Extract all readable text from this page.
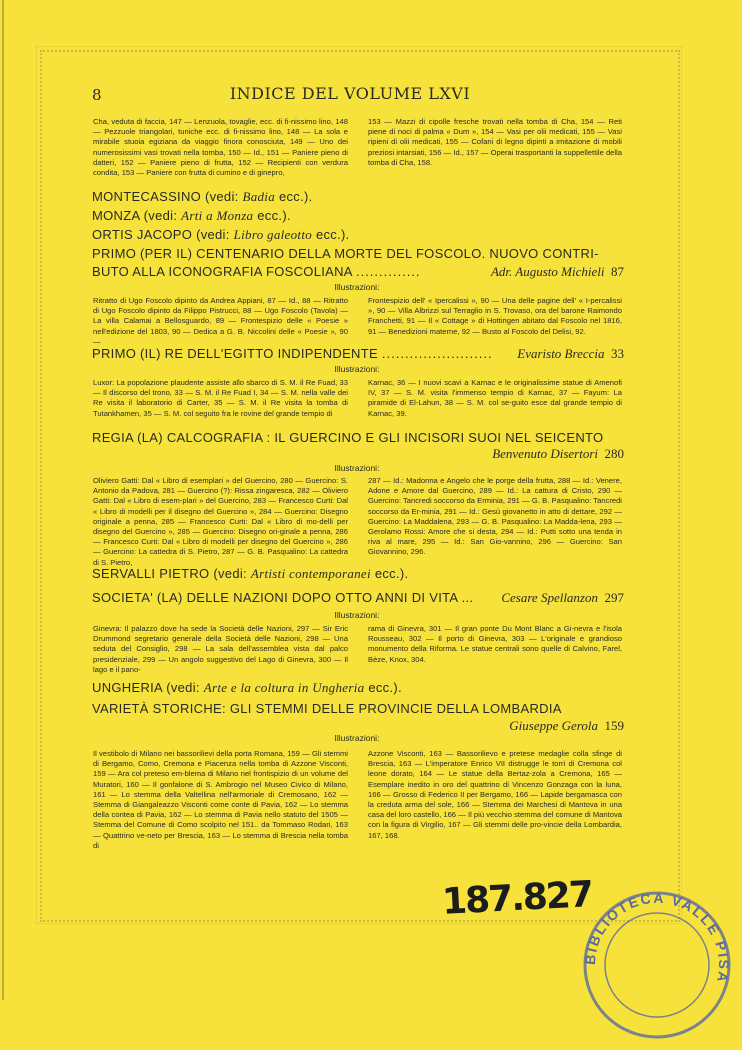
8	INDICE DEL VOLUME LXVI
Cha, veduta di faccia, 147 — Lenzuola, tovaglie, ecc. di fi-nissimo lino, 148 — Pezzuole triangolari, tuniche ecc. di fi-nissimo lino, 148 — La sola e mirabile stuoia egiziana da viaggio finora conosciuta, 149 — Uno dei numerosissimi vasi trovati nella tomba, 150 — Id., 151 — Paniere pieno di datteri, 152 — Paniere pieno di frutta, 152 — Recipienti con verdura condita, 153 — Paniere con frutta di cumino e di ginepro,
153 — Mazzi di cipolle fresche trovati nella tomba di Cha, 154 — Reti piene di noci di palma « Dum », 154 — Vasi per olii medicati, 155 — Vasi ripieni di olii medicati, 155 — Cofani di legno dipinti a imitazione di mobili preziosi intarsiati, 156 — Id., 157 — Operai trasportanti la suppellettile della tomba di Cha, 158.
MONTECASSINO (vedi: Badia ecc.).
MONZA (vedi: Arti a Monza ecc.).
ORTIS JACOPO (vedi: Libro galeotto ecc.).
PRIMO (PER IL) CENTENARIO DELLA MORTE DEL FOSCOLO. NUOVO CONTRI-
BUTO ALLA ICONOGRAFIA FOSCOLIANA ..............	Adr. Augusto Michieli 87
Illustrazioni:
Ritratto di Ugo Foscolo dipinto da Andrea Appiani, 87 — Id., 88 — Ritratto di Ugo Foscolo dipinto da Filippo Pistrucci, 88 — Ugo Foscolo (Tavola) — La villa Calamai a Bellosguardo, 89 — Frontespizio delle « Poesie » nell'edizione del 1803, 90 — Dedica a G. B. Niccolini delle « Poesie », 90 —
Frontespizio dell' « Ipercalissi », 90 — Una delle pagine dell' « I-percalissi », 90 — Villa Albrizzi sul Terraglio in S. Trovaso, ora del barone Raimondo Franchetti, 91 — Il « Cottage » di Hottingen abitato dal Foscolo nel 1816, 91 — Benedizioni materne, 92 — Busto al Foscolo del Delisi, 92.
PRIMO (IL) RE DELL'EGITTO INDIPENDENTE ........................ Evaristo Breccia 33
Illustrazioni:
Luxor: La popolazione plaudente assiste allo sbarco di S. M. il Re Fuad, 33 — Il discorso del trono, 33 — S. M. il Re Fuad I, 34 — S. M. nella valle dei Re visita il laboratorio di Carter, 35 — S. M. il Re visita la tomba di Tutankhamen, 35 — S. M. col seguito fra le rovine del grande tempio di
Karnac, 36 — I nuovi scavi a Karnac e le originalissime statue di Amenofi IV, 37 — S. M. visita l'immenso tempio di Karnac, 37 — Fayum: La piramide di El-Lahun, 38 — S. M. col se-guito esce dal grande tempio di Karnac, 39.
REGIA (LA) CALCOGRAFIA : IL GUERCINO E GLI INCISORI SUOI NEL SEICENTO
Benvenuto Disertori 280
Illustrazioni:
Oliviero Gatti: Dal « Libro di esemplari » del Guercino, 280 — Guercino: S. Antonio da Padova, 281 — Guercino (?): Rissa zingaresca, 282 — Oliviero Gatti: Dal « Libro di esem-plari » del Guercino, 283 — Francesco Curti: Dal « Libro di modelli per il disegno del Guercino », 284 — Guercino: Disegno originale a penna, 285 — Francesco Curti: Dal « Libro di mo-delli per disegno del Guercino », 285 — Guercino: Disegno ori-ginale a penna, 286 — Francesco Curti: Dal « Libro di modelli per disegno del Guercino », 286 — Guercino: La cattedra di S. Pietro, 287 — G. B. Pasqualino: La cattedra di S. Pietro,
287 — Id.: Madonna e Angelo che le porge della frutta, 288 — Id.: Venere, Adone e Amore dal Guercino, 289 — Id.: La cattura di Cristo, 290 — Guercino: Tancredi soccorso da Erminia, 291 — G. B. Pasqualino: Tancredi soccorso da Er-minia, 291 — Id.: Gesù giovanetto in atto di dettare, 292 — Guercino: La Maddalena, 293 — G. B. Pasqualino: La Madda-lena, 293 — Gerolamo Rossi: Amore che si desta, 294 — Id.: Putti sotto una tenda in riva al mare, 295 — Id.: San Gio-vannino, 296 — Guercino: San Giovannino, 296.
SERVALLI PIETRO (vedi: Artisti contemporanei ecc.).
SOCIETA' (LA) DELLE NAZIONI DOPO OTTO ANNI DI VITA ... Cesare Spellanzon 297
Illustrazioni:
Ginevra: Il palazzo dove ha sede la Società delle Nazioni, 297 — Sir Eric Drummond segretario generale della Società delle Nazioni, 298 — Una seduta del Consiglio, 298 — La sala dell'assemblea vista dal palco presidenziale, 299 — Un angolo suggestivo del Lago di Ginevra, 300 — Il lago e il pano-
rama di Ginevra, 301 — Il gran ponte Du Mont Blanc a Gi-nevra e l'isola Rousseau, 302 — Il porto di Ginevra, 303 — L'originale e grandioso monumento della Riforma. Le statue centrali sono quelle di Calvino, Farel, Bèze, Knox, 304.
UNGHERIA (vedi: Arte e la coltura in Ungheria ecc.).
VARIETÀ STORICHE: GLI STEMMI DELLE PROVINCIE DELLA LOMBARDIA
Giuseppe Gerola 159
Illustrazioni:
Il vestibolo di Milano nei bassorilievi della porta Romana, 159 — Gli stemmi di Bergamo, Como, Cremona e Piacenza nella tomba di Azzone Visconti, 159 — Ara col preteso em-blema di Milano nel frontispizio di un volume del Muratori, 160 — Il gonfalone di S. Ambrogio nel Museo Civico di Milano, 161 — Lo stemma della Valtellina nell'armoriale di Cremosano, 162 — Stemma di Giangaleazzo Visconti come conte di Pavia, 162 — Lo stemma della contea di Pavia, 162 — Lo stemma di Pavia nello statuto del 1505 — Stemma del Comune di Como scolpito nel 151.. da Tommaso Rodari, 163 — Quattrino ve-neto per Brescia, 163 — Lo stemma di Brescia nella tomba di
Azzone Visconti, 163 — Bassorilievo e pretese medaglie colla sfinge di Brescia, 163 — L'imperatore Enrico VII distrugge le torri di Cremona col leone dorato, 164 — Le statue della Bertaz-zola a Cremona, 165 — Esemplare inedito in oro del quattrino di Vincenzo Gonzaga con la luna, 166 — Grosso di Federico II per Bergamo, 166 — Lapide bergamasca con la creduta arma del sole, 166 — Stemma dei Marchesi di Mantova in una casa del loro castello, 166 — Il più vecchio stemma del comune di Mantova con la figura di Virgilio, 167 — Gli stemmi delle pro-vincie della Lombardia, 167, 168.
187.827
BIBLIOTECA VALLE PISA
